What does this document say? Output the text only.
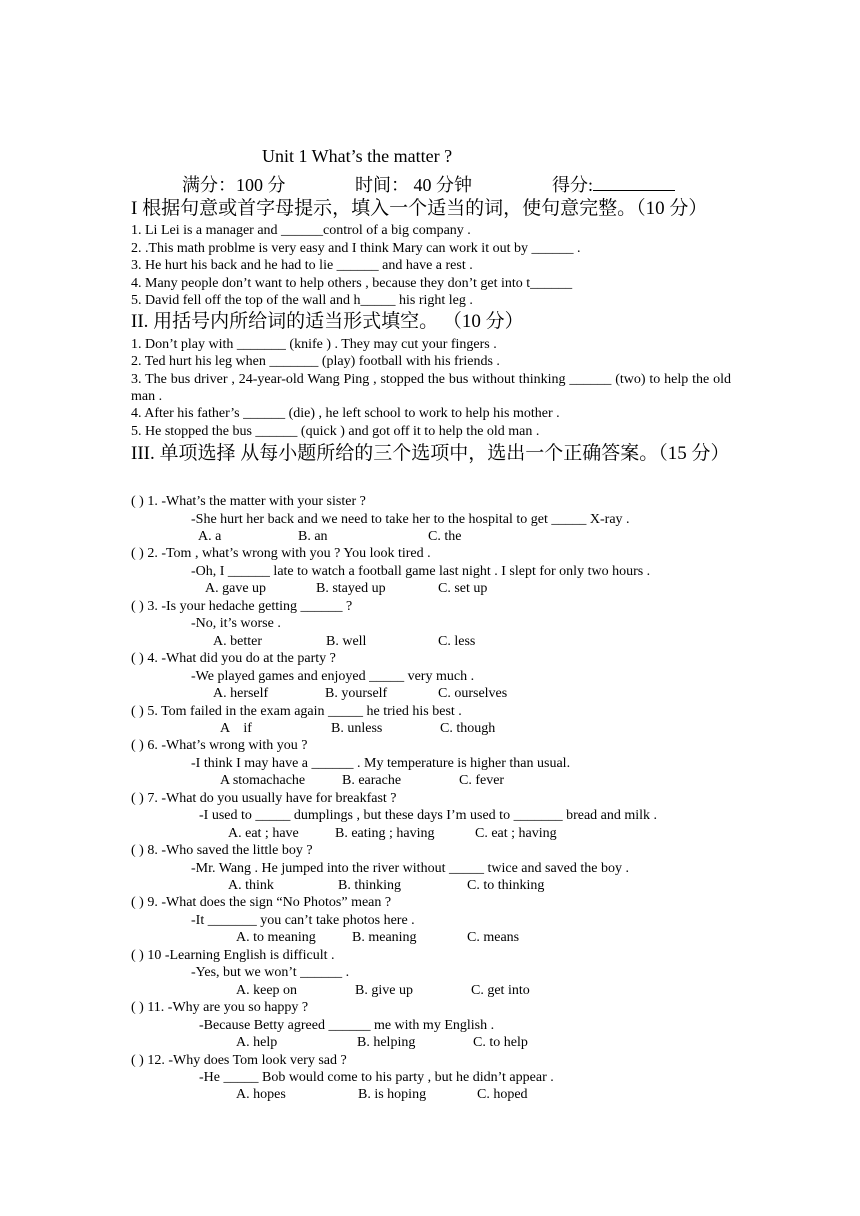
Unit 1 What’s the matter ?
满分：100 分	时间： 40 分钟	得分:
I 根据句意或首字母提示，填入一个适当的词，使句意完整。（10 分）
1. Li Lei is a manager and ______control of a big company .
2. .This math problme is very easy and I think Mary can work it out by ______ .
3. He hurt his back and he had to lie ______ and have a rest .
4. Many people don’t want to help others , because they don’t get into t______
5. David fell off the top of the wall and h_____ his right leg .
II. 用括号内所给词的适当形式填空。 （10 分）
1. Don’t play with _______ (knife ) . They may cut your fingers .
2. Ted hurt his leg when _______ (play) football with his friends .
3. The bus driver , 24-year-old Wang Ping , stopped the bus without thinking ______ (two) to help the old man .
4. After his father’s ______ (die) , he left school to work to help his mother .
5. He stopped the bus ______ (quick ) and got off it to help the old man .
III. 单项选择 从每小题所给的三个选项中，选出一个正确答案。（15 分）
( ) 1. -What’s the matter with your sister ?
-She hurt her back and we need to take her to the hospital to get _____ X-ray .
A. a	B. an	C. the
( ) 2. -Tom , what’s wrong with you ? You look tired .
-Oh, I ______ late to watch a football game last night . I slept for only two hours .
A. gave up	B. stayed up	C. set up
( ) 3. -Is your hedache getting ______ ?
-No, it’s worse .
A. better	B. well	C. less
( ) 4. -What did you do at the party ?
-We played games and enjoyed _____ very much .
A. herself	B. yourself	C. ourselves
( ) 5. Tom failed in the exam again _____ he tried his best .
A    if	B. unless	C. though
( ) 6. -What’s wrong with you ?
-I think I may have a ______ . My temperature is higher than usual.
A stomachache	B. earache	C. fever
( ) 7. -What do you usually have for breakfast ?
-I used to _____ dumplings , but these days I’m used to _______ bread and milk .
A. eat ; have	B. eating ; having	C. eat ; having
( ) 8. -Who saved the little boy ?
-Mr. Wang . He jumped into the river without _____ twice and saved the boy .
A. think	B. thinking	C. to thinking
( ) 9. -What does the sign “No Photos” mean ?
-It _______ you can’t take photos here .
A. to meaning	B. meaning	C. means
( ) 10 -Learning English is difficult .
-Yes, but we won’t ______ .
A. keep on	B. give up	C. get into
( ) 11. -Why are you so happy ?
-Because Betty agreed ______ me with my English .
A. help	B. helping	C. to help
( ) 12. -Why does Tom look very sad ?
-He _____ Bob would come to his party , but he didn’t appear .
A. hopes	B. is hoping	C. hoped
